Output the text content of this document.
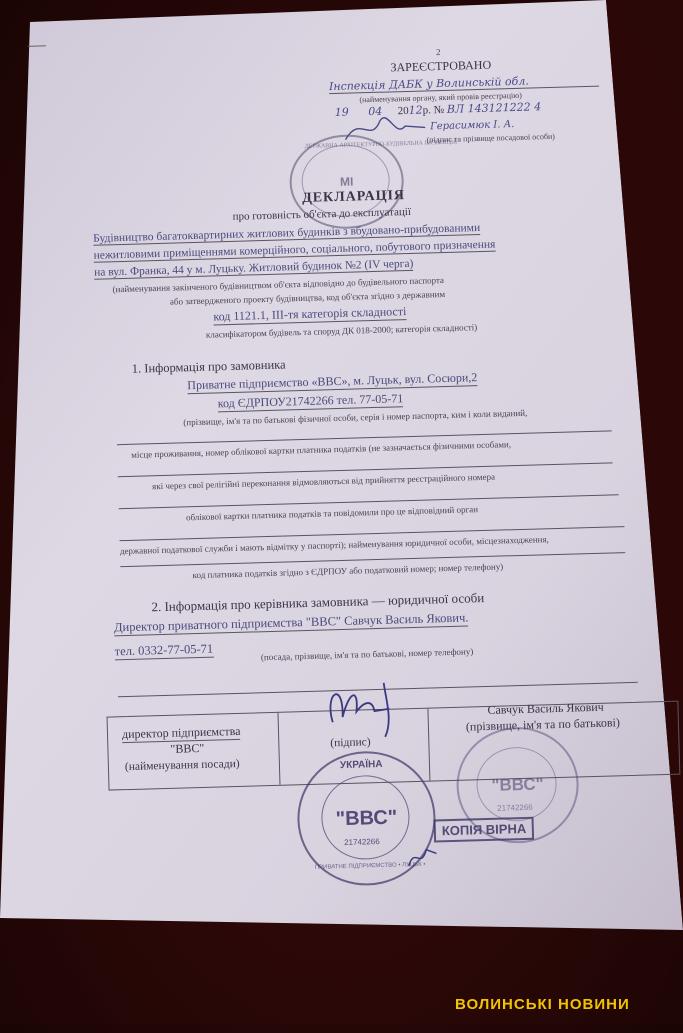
—	2
ЗАРЕЄСТРОВАНО
Інспекція ДАБК у Волинській обл.
(найменування органу, який провів реєстрацію)
19 04 2012р. № ВЛ 143121222 4
Герасимюк І. А.
(підпис та прізвище посадової особи)
ДЕРЖАВНА АРХІТЕКТУРНО-БУДІВЕЛЬНА ІНСПЕКЦІЯ
МІ
ДЕКЛАРАЦІЯ
про готовність об'єкта до експлуатації
Будівництво багатоквартирних житлових будинків з вбудовано-прибудованими
нежитловими приміщеннями комерційного, соціального, побутового призначення
на вул. Франка, 44 у м. Луцьку. Житловий будинок №2 (IV черга)
(найменування закінченого будівництвом об'єкта відповідно до будівельного паспорта
або затвердженого проекту будівництва, код об'єкта згідно з державним
код 1121.1, III-тя категорія складності
класифікатором будівель та споруд ДК 018-2000; категорія складності)
1. Інформація про замовника
Приватне підприємство «ВВС», м. Луцьк, вул. Сосюри,2
код ЄДРПОУ21742266 тел. 77-05-71
(прізвище, ім'я та по батькові фізичної особи, серія і номер паспорта, ким і коли виданий,
місце проживання, номер облікової картки платника податків (не зазначається фізичними особами,
які через свої релігійні переконання відмовляються від прийняття реєстраційного номера
облікової картки платника податків та повідомили про це відповідний орган
державної податкової служби і мають відмітку у паспорті); найменування юридичної особи, місцезнаходження,
код платника податків згідно з ЄДРПОУ або податковий номер; номер телефону)
2. Інформація про керівника замовника — юридичної особи
Директор приватного підприємства "ВВС" Савчук Василь Якович.
тел. 0332-77-05-71	(посада, прізвище, ім'я та по батькові, номер телефону)
директор підприємства
"ВВС"
(найменування посади)
(підпис)
Савчук Василь Якович
(прізвище, ім'я та по батькові)
УКРАЇНА
"ВВС"
21742266
ПРИВАТНЕ ПІДПРИЄМСТВО • ЛУЦЬК •
"ВВС"
21742266
КОПІЯ ВІРНА
ВОЛИНСЬКІ НОВИНИ
